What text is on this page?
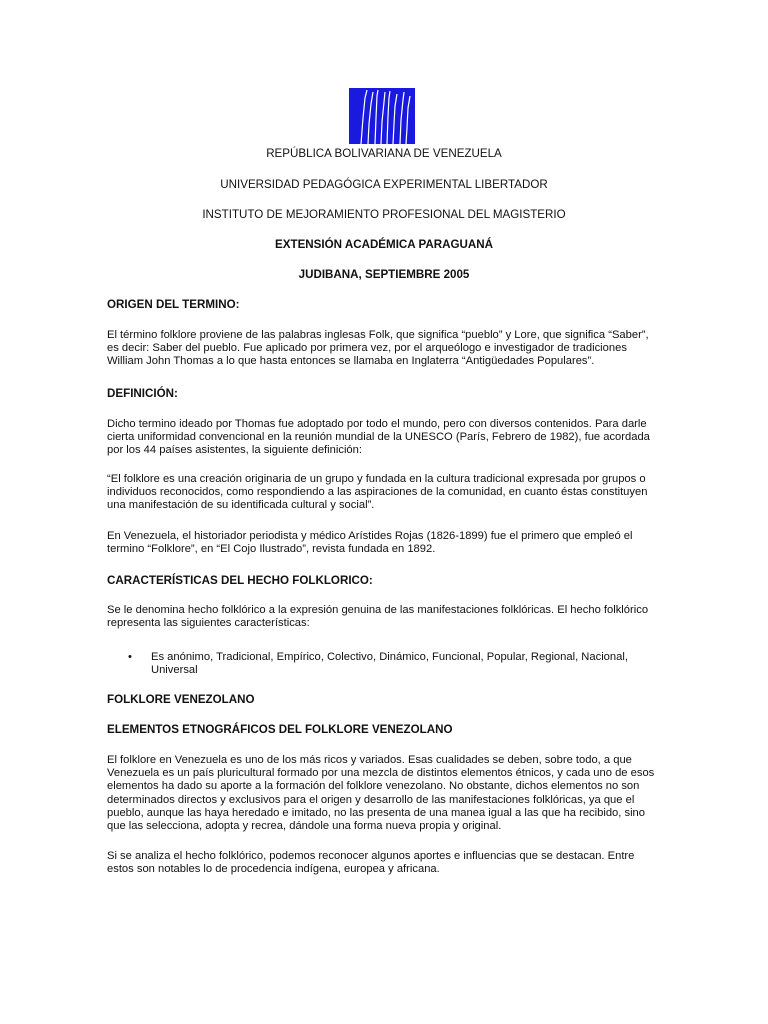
REPÚBLICA BOLIVARIANA DE VENEZUELA
UNIVERSIDAD PEDAGÓGICA EXPERIMENTAL LIBERTADOR
INSTITUTO DE MEJORAMIENTO PROFESIONAL DEL MAGISTERIO
EXTENSIÓN ACADÉMICA PARAGUANÁ
JUDIBANA, SEPTIEMBRE 2005
ORIGEN DEL TERMINO:
El término folklore proviene de las palabras inglesas Folk, que significa “pueblo” y Lore, que significa “Saber”,
es decir: Saber del pueblo. Fue aplicado por primera vez, por el arqueólogo e investigador de tradiciones
William John Thomas a lo que hasta entonces se llamaba en Inglaterra “Antigüedades Populares”.
DEFINICIÓN:
Dicho termino ideado por Thomas fue adoptado por todo el mundo, pero con diversos contenidos. Para darle
cierta uniformidad convencional en la reunión mundial de la UNESCO (París, Febrero de 1982), fue acordada
por los 44 países asistentes, la siguiente definición:
“El folklore es una creación originaria de un grupo y fundada en la cultura tradicional expresada por grupos o
individuos reconocidos, como respondiendo a las aspiraciones de la comunidad, en cuanto éstas constituyen
una manifestación de su identificada cultural y social”.
En Venezuela, el historiador periodista y médico Arístides Rojas (1826-1899) fue el primero que empleó el
termino “Folklore”, en “El Cojo Ilustrado”, revista fundada en 1892.
CARACTERÍSTICAS DEL HECHO FOLKLORICO:
Se le denomina hecho folklórico a la expresión genuina de las manifestaciones folklóricas. El hecho folklórico
representa las siguientes características:
• Es anónimo, Tradicional, Empírico, Colectivo, Dinámico, Funcional, Popular, Regional, Nacional,
Universal
FOLKLORE VENEZOLANO
ELEMENTOS ETNOGRÁFICOS DEL FOLKLORE VENEZOLANO
El folklore en Venezuela es uno de los más ricos y variados. Esas cualidades se deben, sobre todo, a que
Venezuela es un país pluricultural formado por una mezcla de distintos elementos étnicos, y cada uno de esos
elementos ha dado su aporte a la formación del folklore venezolano. No obstante, dichos elementos no son
determinados directos y exclusivos para el origen y desarrollo de las manifestaciones folklóricas, ya que el
pueblo, aunque las haya heredado e imitado, no las presenta de una manea igual a las que ha recibido, sino
que las selecciona, adopta y recrea, dándole una forma nueva propia y original.
Si se analiza el hecho folklórico, podemos reconocer algunos aportes e influencias que se destacan. Entre
estos son notables lo de procedencia indígena, europea y africana.
